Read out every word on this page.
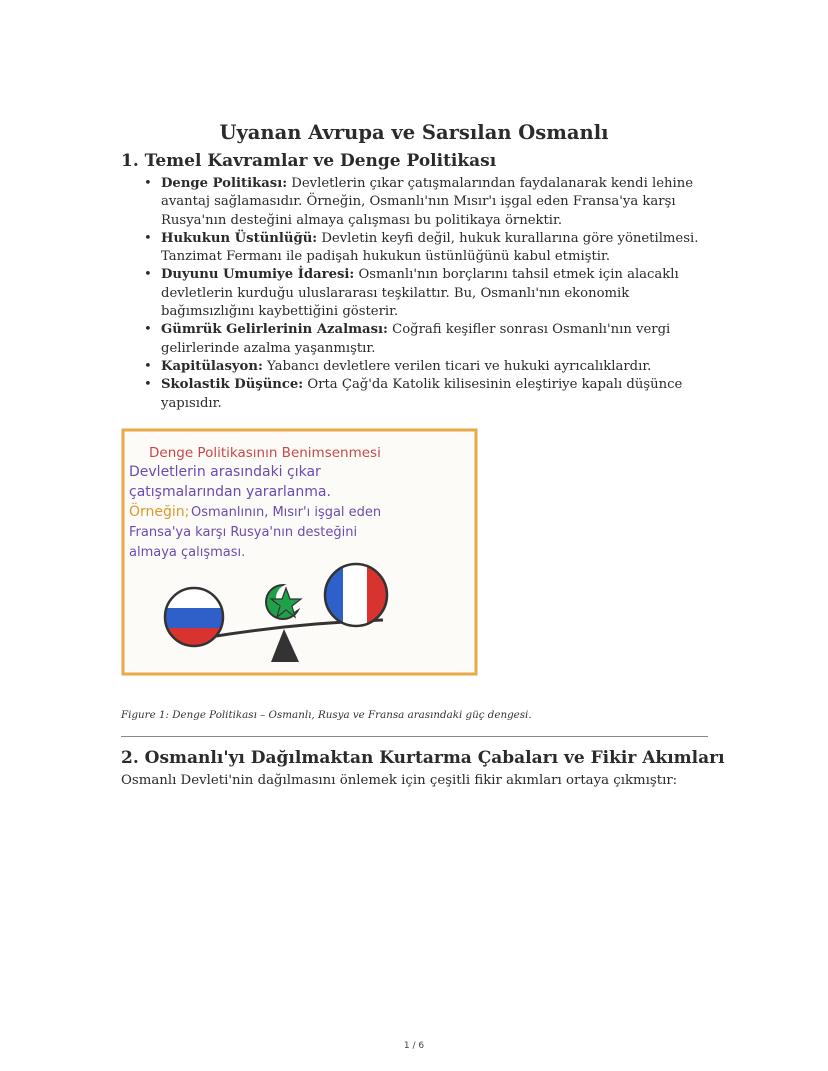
Uyanan Avrupa ve Sarsılan Osmanlı
1. Temel Kavramlar ve Denge Politikası
• Denge Politikası: Devletlerin çıkar çatışmalarından faydalanarak kendi lehine avantaj sağlamasıdır. Örneğin, Osmanlı'nın Mısır'ı işgal eden Fransa'ya karşı Rusya'nın desteğini almaya çalışması bu politikaya örnektir.
• Hukukun Üstünlüğü: Devletin keyfi değil, hukuk kurallarına göre yönetilmesi. Tanzimat Fermanı ile padişah hukukun üstünlüğünü kabul etmiştir.
• Duyunu Umumiye İdaresi: Osmanlı'nın borçlarını tahsil etmek için alacaklı devletlerin kurduğu uluslararası teşkilattır. Bu, Osmanlı'nın ekonomik bağımsızlığını kaybettiğini gösterir.
• Gümrük Gelirlerinin Azalması: Coğrafi keşifler sonrası Osmanlı'nın vergi gelirlerinde azalma yaşanmıştır.
• Kapitülasyon: Yabancı devletlere verilen ticari ve hukuki ayrıcalıklardır.
• Skolastik Düşünce: Orta Çağ'da Katolik kilisesinin eleştiriye kapalı düşünce yapısıdır.
Denge Politikasının Benimsenmesi
Devletlerin arasındaki çıkar
çatışmalarından yararlanma.
Örneğin; Osmanlının, Mısır'ı işgal eden
Fransa'ya karşı Rusya'nın desteğini
almaya çalışması.

Figure 1: Denge Politikası – Osmanlı, Rusya ve Fransa arasındaki güç dengesi.

2. Osmanlı'yı Dağılmaktan Kurtarma Çabaları ve Fikir Akımları

Osmanlı Devleti'nin dağılmasını önlemek için çeşitli fikir akımları ortaya çıkmıştır:

1 / 6
